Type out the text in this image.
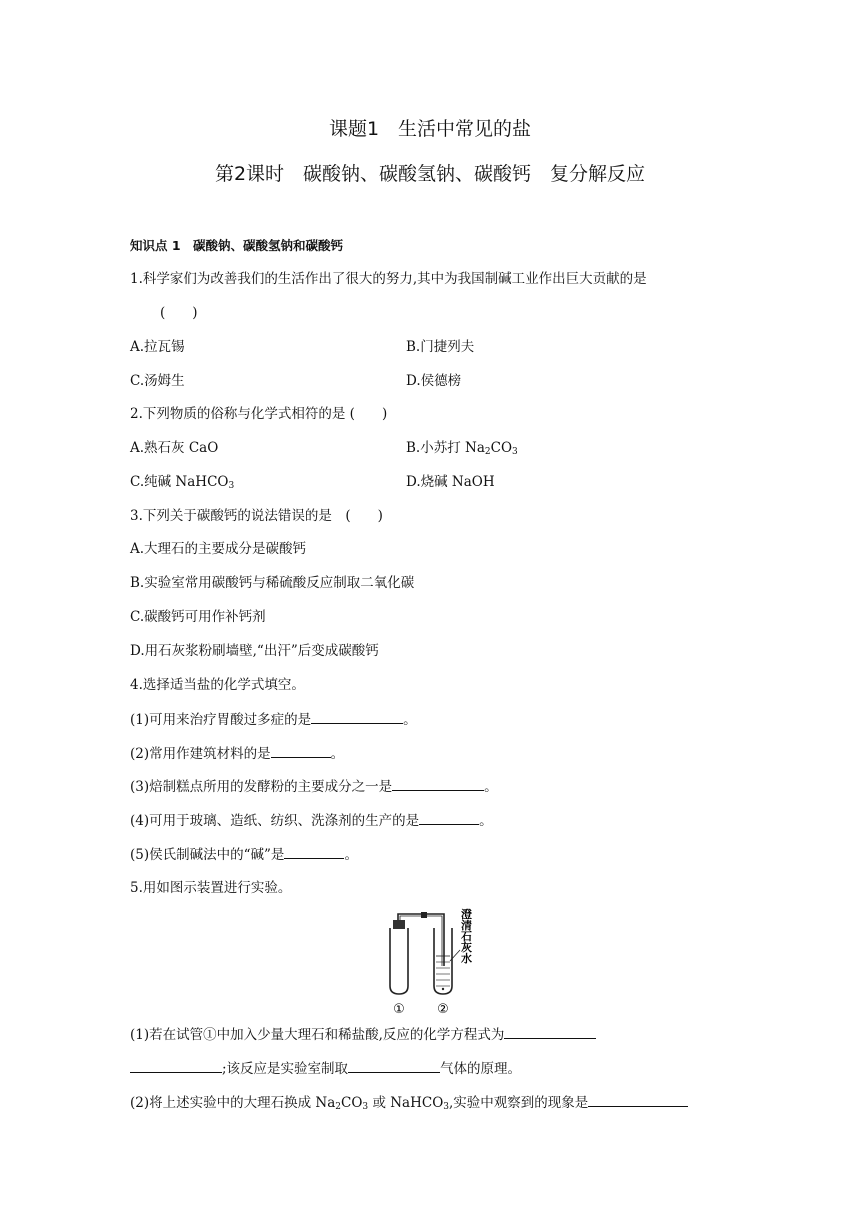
课题1　生活中常见的盐
第2课时　碳酸钠、碳酸氢钠、碳酸钙　复分解反应
知识点 1　碳酸钠、碳酸氢钠和碳酸钙
1.科学家们为改善我们的生活作出了很大的努力,其中为我国制碱工业作出巨大贡献的是
(　　)
A.拉瓦锡	B.门捷列夫
C.汤姆生	D.侯德榜
2.下列物质的俗称与化学式相符的是 (　　)
A.熟石灰 CaO	B.小苏打 $Na_2CO_3$
C.纯碱 NaHCO$_3$	D.烧碱 NaOH
3.下列关于碳酸钙的说法错误的是　(　　)
A.大理石的主要成分是碳酸钙
B.实验室常用碳酸钙与稀硫酸反应制取二氧化碳
C.碳酸钙可用作补钙剂
D.用石灰浆粉刷墙壁,“出汗”后变成碳酸钙
4.选择适当盐的化学式填空。
(1)可用来治疗胃酸过多症的是	。
(2)常用作建筑材料的是	。
(3)焙制糕点所用的发酵粉的主要成分之一是	。
(4)可用于玻璃、造纸、纺织、洗涤剂的生产的是	。
(5)侯氏制碱法中的“碱”是	。
5.用如图示装置进行实验。
澄清石灰水
① ②
(1)若在试管①中加入少量大理石和稀盐酸,反应的化学方程式为
;该反应是实验室制取	气体的原理。
(2)将上述实验中的大理石换成 $Na_2CO_3$ 或 NaHCO$_3$,实验中观察到的现象是
